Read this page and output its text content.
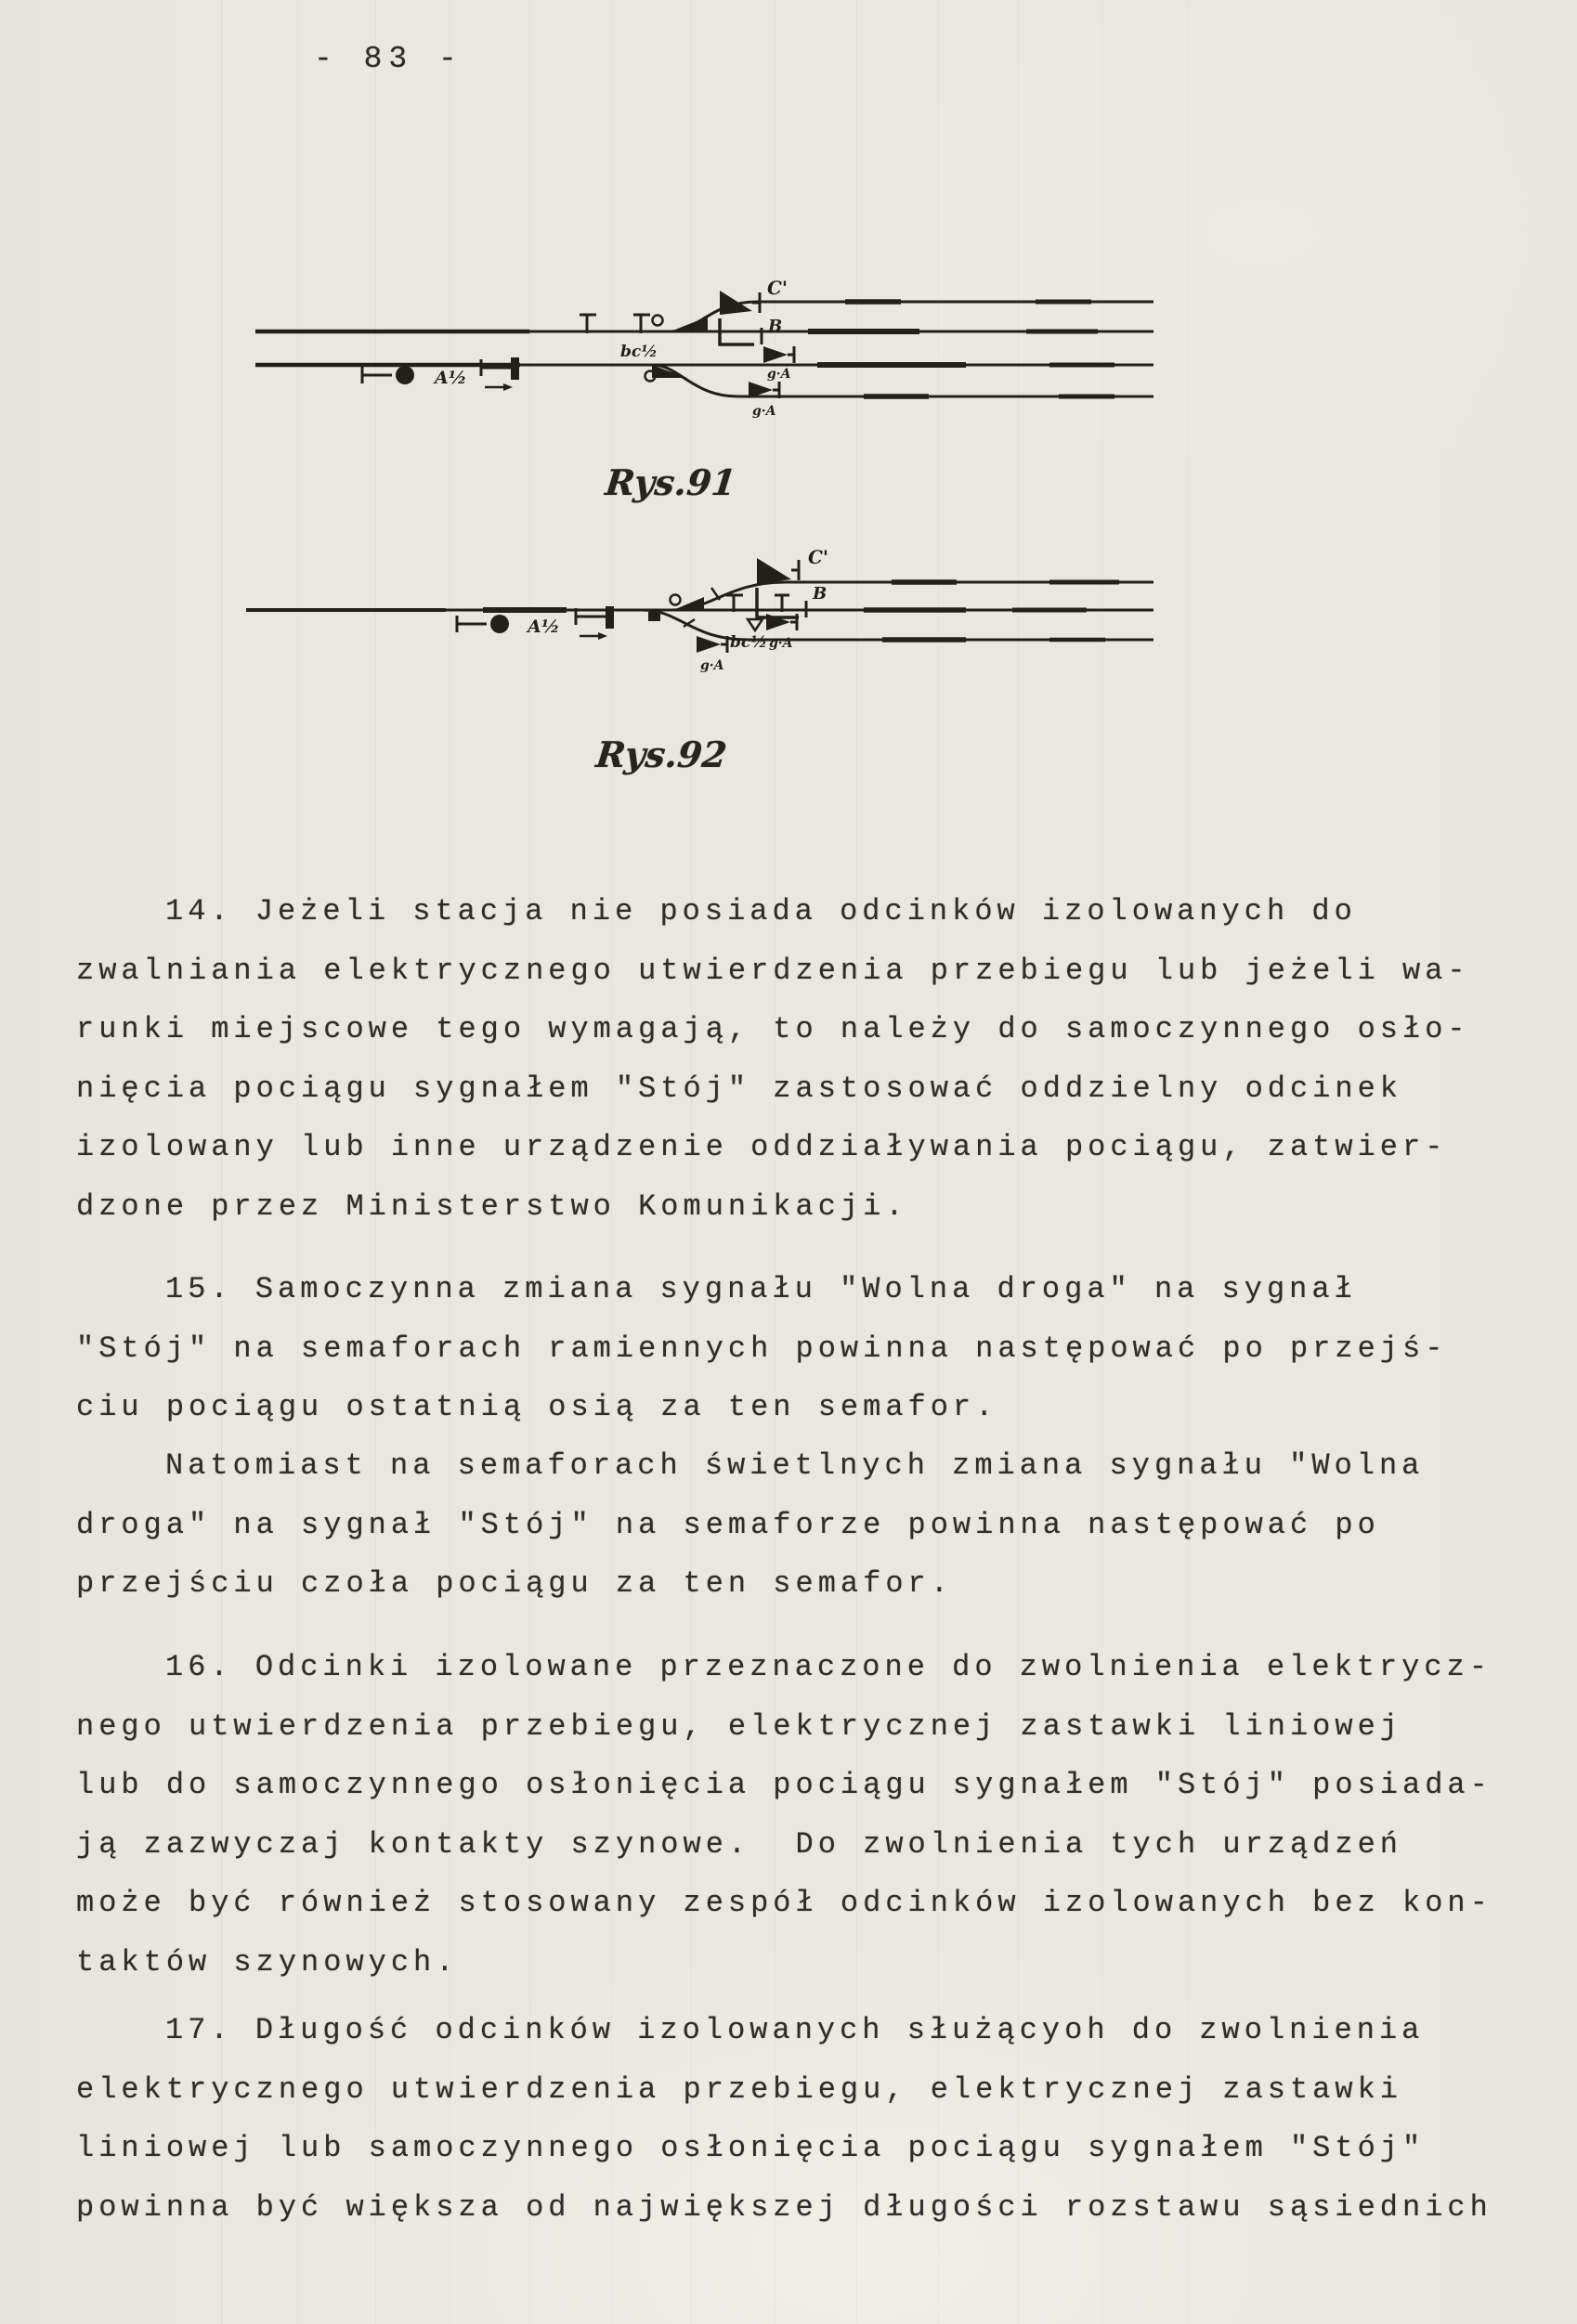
- 83 -
A½
bc½
C'
B
g·A
g·A
Rys.91
A½
bc½
C'
B
g·A
g·A
Rys.92
14. Jeżeli stacja nie posiada odcinków izolowanych do
zwalniania elektrycznego utwierdzenia przebiegu lub jeżeli wa-
runki miejscowe tego wymagają, to należy do samoczynnego osło-
nięcia pociągu sygnałem "Stój" zastosować oddzielny odcinek
izolowany lub inne urządzenie oddziaływania pociągu, zatwier-
dzone przez Ministerstwo Komunikacji.
15. Samoczynna zmiana sygnału "Wolna droga" na sygnał
"Stój" na semaforach ramiennych powinna następować po przejś-
ciu pociągu ostatnią osią za ten semafor.
Natomiast na semaforach świetlnych zmiana sygnału "Wolna
droga" na sygnał "Stój" na semaforze powinna następować po
przejściu czoła pociągu za ten semafor.
16. Odcinki izolowane przeznaczone do zwolnienia elektrycz-
nego utwierdzenia przebiegu, elektrycznej zastawki liniowej
lub do samoczynnego osłonięcia pociągu sygnałem "Stój" posiada-
ją zazwyczaj kontakty szynowe.  Do zwolnienia tych urządzeń
może być również stosowany zespół odcinków izolowanych bez kon-
taktów szynowych.
17. Długość odcinków izolowanych służącyoh do zwolnienia
elektrycznego utwierdzenia przebiegu, elektrycznej zastawki
liniowej lub samoczynnego osłonięcia pociągu sygnałem "Stój"
powinna być większa od największej długości rozstawu sąsiednich
